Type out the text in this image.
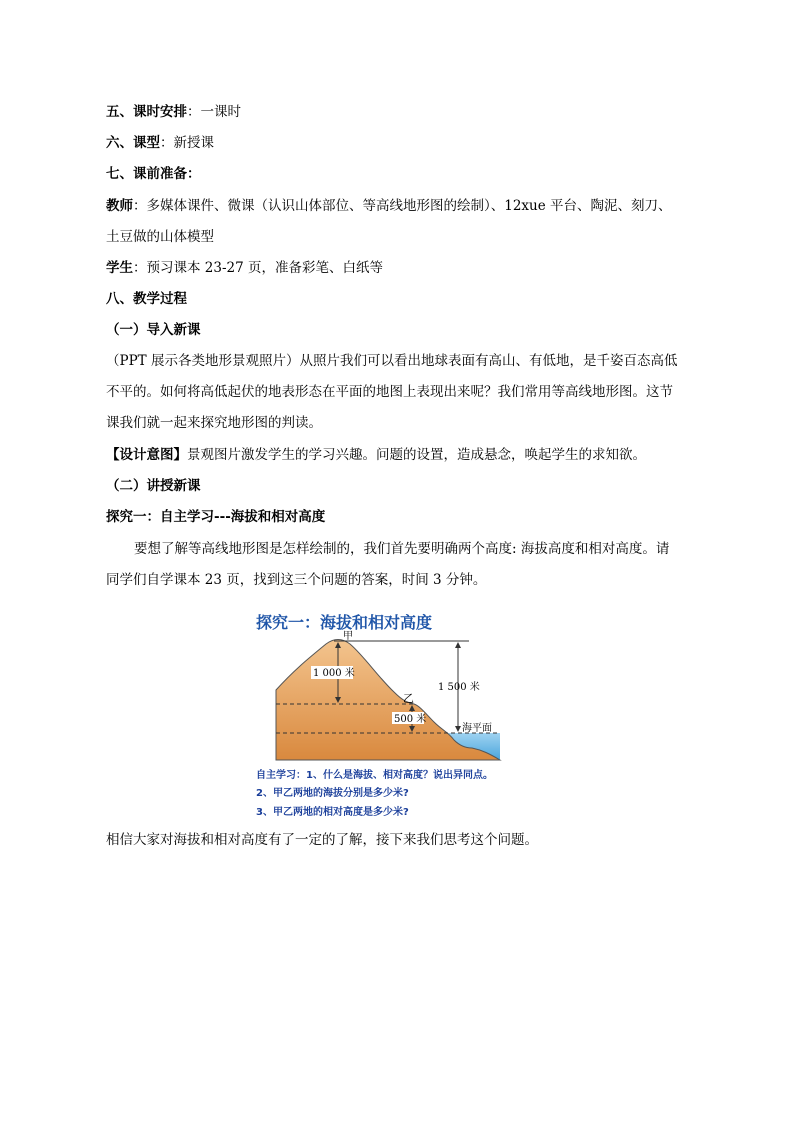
五、课时安排：一课时
六、课型：新授课
七、课前准备：
教师：多媒体课件、微课（认识山体部位、等高线地形图的绘制）、12xue 平台、陶泥、刻刀、
土豆做的山体模型
学生：预习课本 23-27 页，准备彩笔、白纸等
八、教学过程
（一）导入新课
（PPT 展示各类地形景观照片）从照片我们可以看出地球表面有高山、有低地，是千姿百态高低
不平的。如何将高低起伏的地表形态在平面的地图上表现出来呢？我们常用等高线地形图。这节
课我们就一起来探究地形图的判读。
【设计意图】景观图片激发学生的学习兴趣。问题的设置，造成悬念，唤起学生的求知欲。
（二）讲授新课
探究一：自主学习---海拔和相对高度
要想了解等高线地形图是怎样绘制的，我们首先要明确两个高度: 海拔高度和相对高度。请
同学们自学课本 23 页，找到这三个问题的答案，时间 3 分钟。
探究一：海拔和相对高度
1 000 米
500 米
1 500 米
甲
乙
海平面
自主学习：1、什么是海拔、相对高度？说出异同点。
2、甲乙两地的海拔分别是多少米?
3、甲乙两地的相对高度是多少米?
相信大家对海拔和相对高度有了一定的了解，接下来我们思考这个问题。
